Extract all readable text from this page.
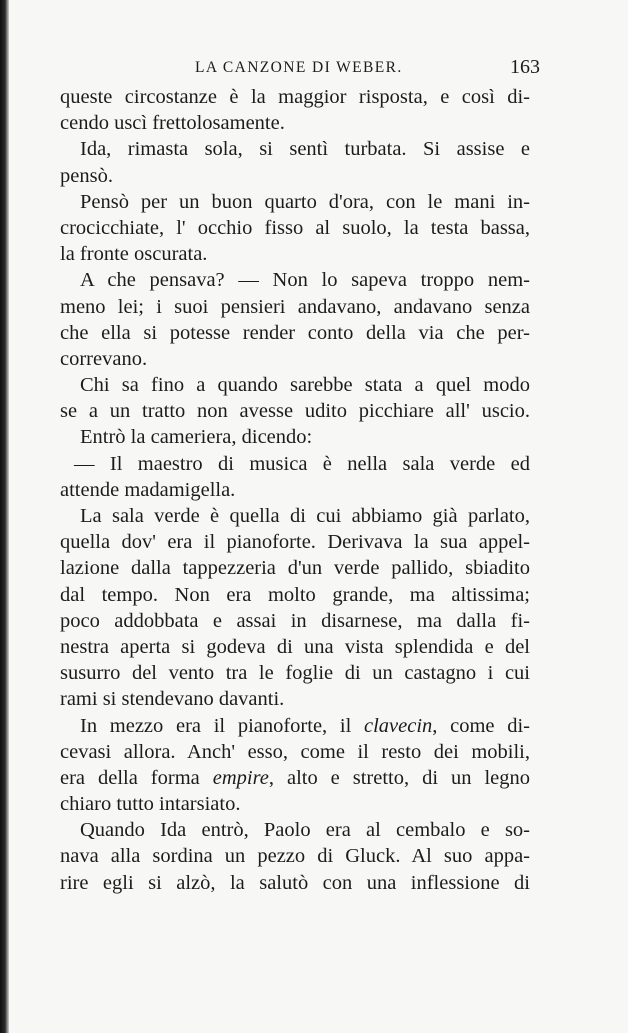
LA CANZONE DI WEBER.	163
queste circostanze è la maggior risposta, e così di-
cendo uscì frettolosamente.
Ida, rimasta sola, si sentì turbata. Si assise e
pensò.
Pensò per un buon quarto d'ora, con le mani in-
crocicchiate, l' occhio fisso al suolo, la testa bassa,
la fronte oscurata.
A che pensava? — Non lo sapeva troppo nem-
meno lei; i suoi pensieri andavano, andavano senza
che ella si potesse render conto della via che per-
correvano.
Chi sa fino a quando sarebbe stata a quel modo
se a un tratto non avesse udito picchiare all' uscio.
Entrò la cameriera, dicendo:
— Il maestro di musica è nella sala verde ed
attende madamigella.
La sala verde è quella di cui abbiamo già parlato,
quella dov' era il pianoforte. Derivava la sua appel-
lazione dalla tappezzeria d'un verde pallido, sbiadito
dal tempo. Non era molto grande, ma altissima;
poco addobbata e assai in disarnese, ma dalla fi-
nestra aperta si godeva di una vista splendida e del
susurro del vento tra le foglie di un castagno i cui
rami si stendevano davanti.
In mezzo era il pianoforte, il clavecin, come di-
cevasi allora. Anch' esso, come il resto dei mobili,
era della forma empire, alto e stretto, di un legno
chiaro tutto intarsiato.
Quando Ida entrò, Paolo era al cembalo e so-
nava alla sordina un pezzo di Gluck. Al suo appa-
rire egli si alzò, la salutò con una inflessione di
